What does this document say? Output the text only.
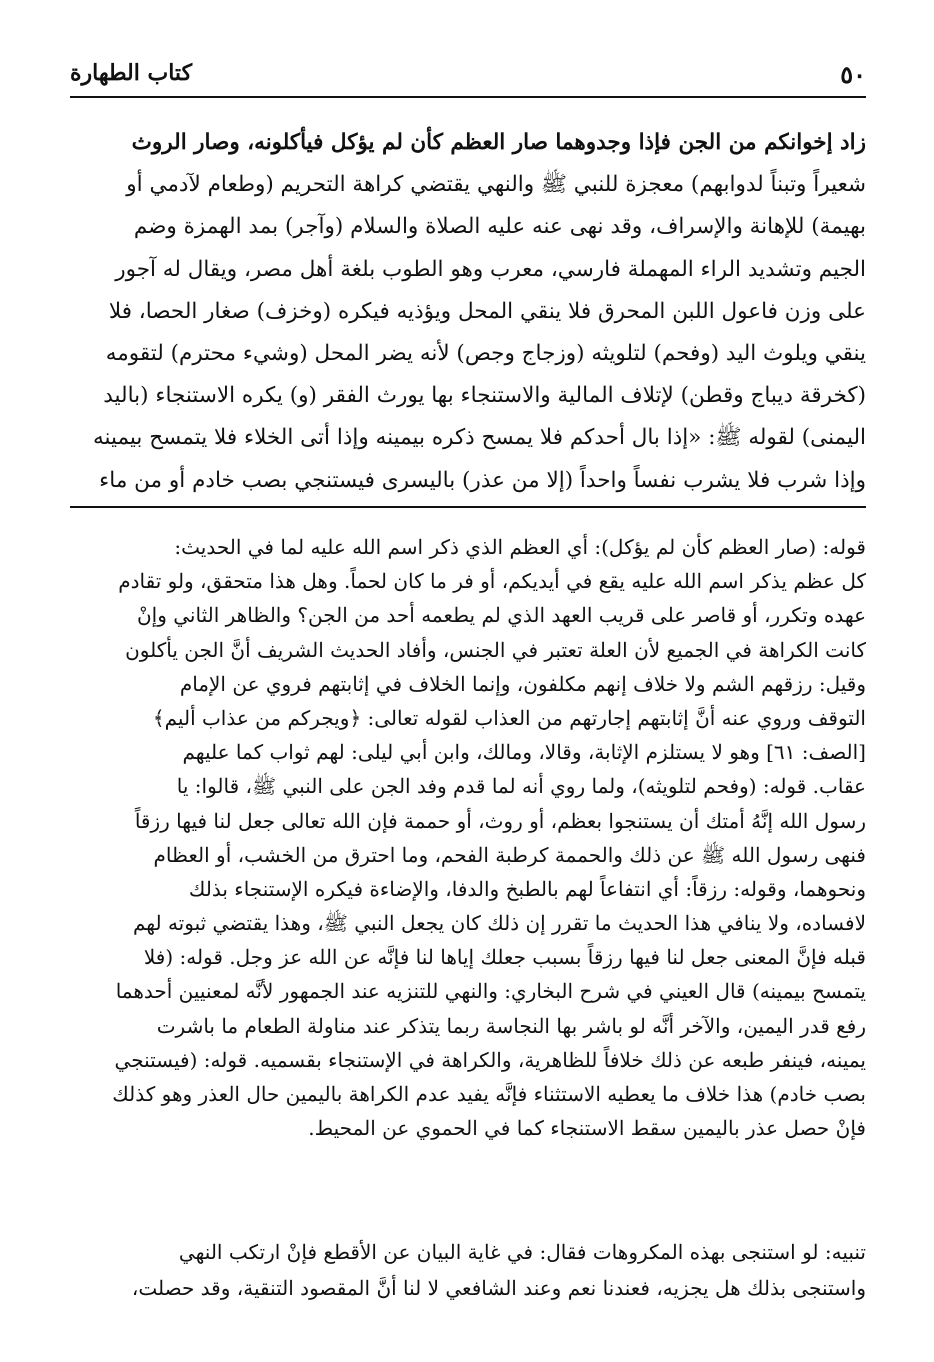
٥٠
كتاب الطهارة

زاد إخوانكم من الجن فإذا وجدوهما صار العظم كأن لم يؤكل فيأكلونه، وصار الروث
شعيراً وتبناً لدوابهم) معجزة للنبي ﷺ والنهي يقتضي كراهة التحريم (وطعام لآدمي أو
بهيمة) للإهانة والإسراف، وقد نهى عنه عليه الصلاة والسلام (وآجر) بمد الهمزة وضم
الجيم وتشديد الراء المهملة فارسي، معرب وهو الطوب بلغة أهل مصر، ويقال له آجور
على وزن فاعول اللبن المحرق فلا ينقي المحل ويؤذيه فيكره (وخزف) صغار الحصا، فلا
ينقي ويلوث اليد (وفحم) لتلويثه (وزجاج وجص) لأنه يضر المحل (وشيء محترم) لتقومه
(كخرقة ديباج وقطن) لإتلاف المالية والاستنجاء بها يورث الفقر (و) يكره الاستنجاء (باليد
اليمنى) لقوله ﷺ: «إذا بال أحدكم فلا يمسح ذكره بيمينه وإذا أتى الخلاء فلا يتمسح بيمينه
وإذا شرب فلا يشرب نفساً واحداً (إلا من عذر) باليسرى فيستنجي بصب خادم أو من ماء

قوله: (صار العظم كأن لم يؤكل): أي العظم الذي ذكر اسم الله عليه لما في الحديث:
كل عظم يذكر اسم الله عليه يقع في أيديكم، أو فر ما كان لحماً. وهل هذا متحقق، ولو تقادم
عهده وتكرر، أو قاصر على قريب العهد الذي لم يطعمه أحد من الجن؟ والظاهر الثاني وإنْ
كانت الكراهة في الجميع لأن العلة تعتبر في الجنس، وأفاد الحديث الشريف أنَّ الجن يأكلون
وقيل: رزقهم الشم ولا خلاف إنهم مكلفون، وإنما الخلاف في إثابتهم فروي عن الإمام
التوقف وروي عنه أنَّ إثابتهم إجارتهم من العذاب لقوله تعالى: ﴿ويجركم من عذاب أليم﴾
[الصف: ٦١] وهو لا يستلزم الإثابة، وقالا، ومالك، وابن أبي ليلى: لهم ثواب كما عليهم
عقاب. قوله: (وفحم لتلويثه)، ولما روي أنه لما قدم وفد الجن على النبي ﷺ، قالوا: يا
رسول الله إنَّهُ أمتك أن يستنجوا بعظم، أو روث، أو حممة فإن الله تعالى جعل لنا فيها رزقاً
فنهى رسول الله ﷺ عن ذلك والحممة كرطبة الفحم، وما احترق من الخشب، أو العظام
ونحوهما، وقوله: رزقاً: أي انتفاعاً لهم بالطبخ والدفا، والإضاءة فيكره الإستنجاء بذلك
لافساده، ولا ينافي هذا الحديث ما تقرر إن ذلك كان يجعل النبي ﷺ، وهذا يقتضي ثبوته لهم
قبله فإنَّ المعنى جعل لنا فيها رزقاً بسبب جعلك إياها لنا فإنَّه عن الله عز وجل. قوله: (فلا
يتمسح بيمينه) قال العيني في شرح البخاري: والنهي للتنزيه عند الجمهور لأنَّه لمعنيين أحدهما
رفع قدر اليمين، والآخر أنَّه لو باشر بها النجاسة ربما يتذكر عند مناولة الطعام ما باشرت
يمينه، فينفر طبعه عن ذلك خلافاً للظاهرية، والكراهة في الإستنجاء بقسميه. قوله: (فيستنجي
بصب خادم) هذا خلاف ما يعطيه الاستثناء فإنَّه يفيد عدم الكراهة باليمين حال العذر وهو كذلك
فإنْ حصل عذر باليمين سقط الاستنجاء كما في الحموي عن المحيط.

تنبيه: لو استنجى بهذه المكروهات فقال: في غاية البيان عن الأقطع فإنْ ارتكب النهي
واستنجى بذلك هل يجزيه، فعندنا نعم وعند الشافعي لا لنا أنَّ المقصود التنقية، وقد حصلت،
